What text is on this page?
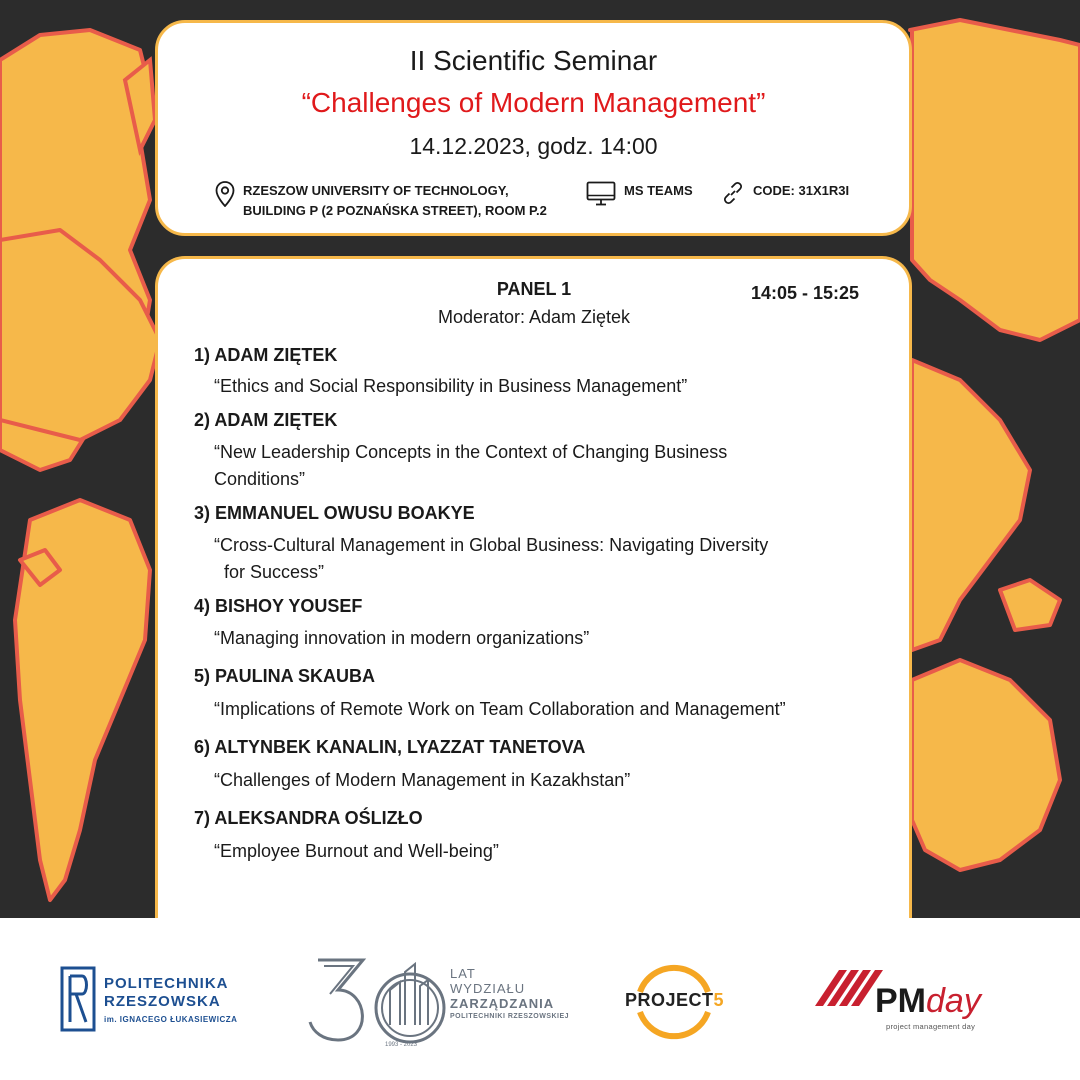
II Scientific Seminar
“Challenges of Modern Management”
14.12.2023, godz. 14:00
RZESZOW UNIVERSITY OF TECHNOLOGY,
BUILDING P (2 POZNAŃSKA STREET), ROOM P.2
MS TEAMS	CODE: 31X1R3I
PANEL 1
Moderator: Adam Ziętek
14:05 - 15:25
1) ADAM ZIĘTEK
“Ethics and Social Responsibility in Business Management”
2) ADAM ZIĘTEK
“New Leadership Concepts in the Context of Changing Business
Conditions”
3) EMMANUEL OWUSU BOAKYE
“Cross-Cultural Management in Global Business: Navigating Diversity
for Success”
4) BISHOY YOUSEF
“Managing innovation in modern organizations”
5) PAULINA SKAUBA
“Implications of Remote Work on Team Collaboration and Management”
6) ALTYNBEK KANALIN, LYAZZAT TANETOVA
“Challenges of Modern Management in Kazakhstan”
7) ALEKSANDRA OŚLIZŁO
“Employee Burnout and Well-being”
POLITECHNIKA
RZESZOWSKA
im. IGNACEGO ŁUKASIEWICZA
LAT
WYDZIAŁU
ZARZĄDZANIA
POLITECHNIKI RZESZOWSKIEJ
1993 - 2023
PROJECT5	PMday
project management day
